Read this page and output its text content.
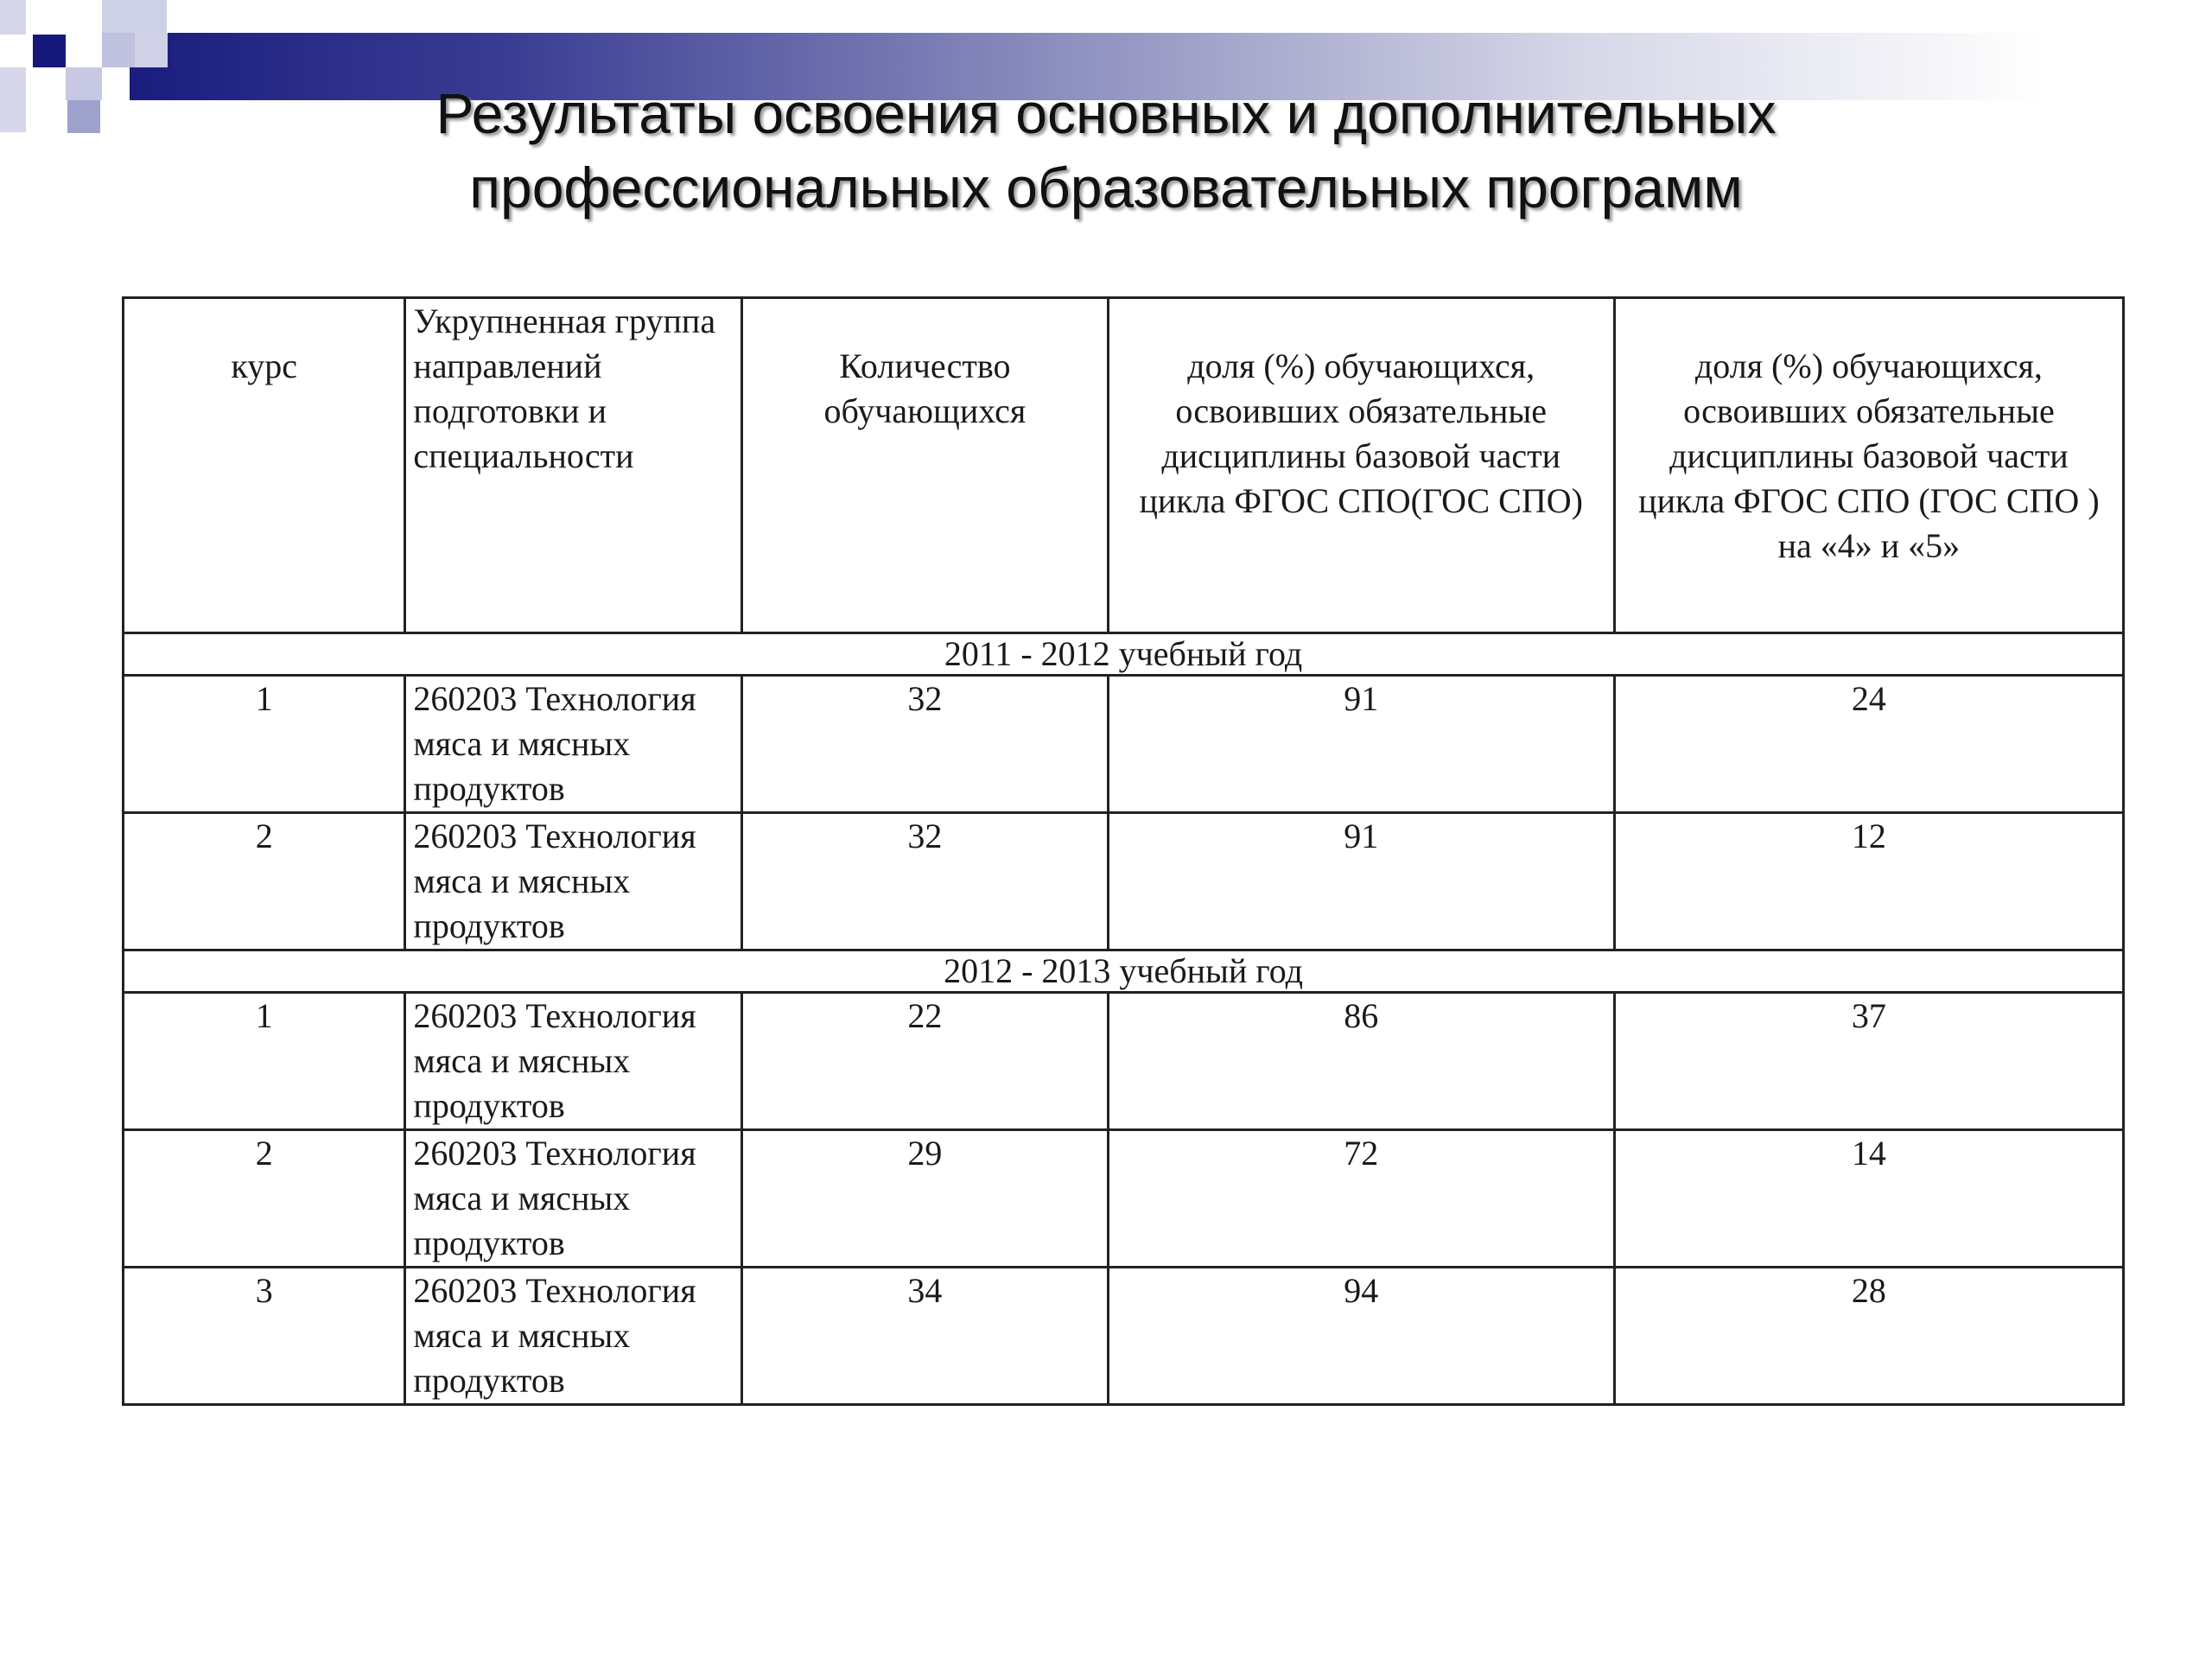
Результаты освоения основных и дополнительных
профессиональных образовательных программ
курс	Укрупненная группа направлений подготовки и специальности	Количество обучающихся	доля (%) обучающихся, освоивших обязательные дисциплины базовой части цикла ФГОС СПО(ГОС СПО)	доля (%) обучающихся, освоивших обязательные дисциплины базовой части цикла ФГОС СПО (ГОС СПО ) на «4» и «5»

2011 - 2012 учебный год				
1	260203 Технология мяса и мясных продуктов	32	91	24
2	260203 Технология мяса и мясных продуктов	32	91	12
2012 - 2013 учебный год				
1	260203 Технология мяса и мясных продуктов	22	86	37
2	260203 Технология мяса и мясных продуктов	29	72	14
3	260203 Технология мяса и мясных продуктов	34	94	28
